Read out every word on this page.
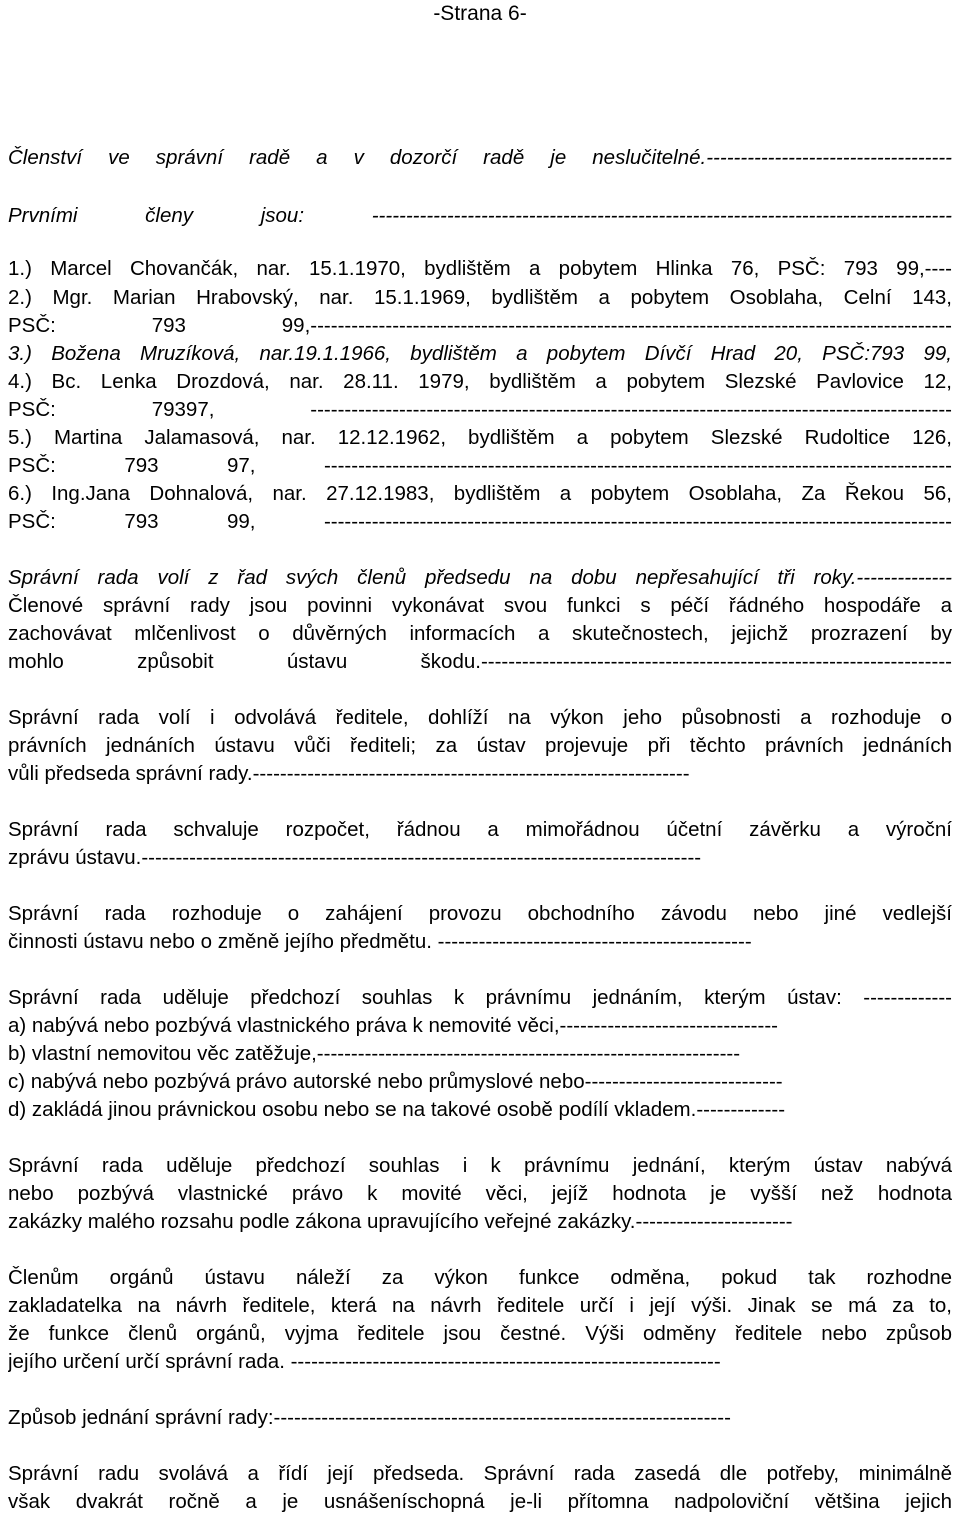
-Strana 6-
Členství ve správní radě a v dozorčí radě je neslučitelné.------------------------------------
Prvními členy jsou: -------------------------------------------------------------------------------------
1.) Marcel Chovančák, nar. 15.1.1970, bydlištěm a pobytem Hlinka 76, PSČ: 793 99,----
2.) Mgr. Marian Hrabovský, nar. 15.1.1969, bydlištěm a pobytem Osoblaha, Celní 143,
PSČ: 793 99,----------------------------------------------------------------------------------------------
3.) Božena Mruzíková, nar.19.1.1966, bydlištěm a pobytem Dívčí Hrad 20, PSČ:793 99,
4.) Bc. Lenka Drozdová, nar. 28.11. 1979, bydlištěm a pobytem Slezské Pavlovice 12,
PSČ: 79397, ----------------------------------------------------------------------------------------------
5.) Martina Jalamasová, nar. 12.12.1962, bydlištěm a pobytem Slezské Rudoltice 126,
PSČ: 793 97, --------------------------------------------------------------------------------------------
6.) Ing.Jana Dohnalová, nar. 27.12.1983, bydlištěm a pobytem Osoblaha, Za Řekou 56,
PSČ: 793 99, --------------------------------------------------------------------------------------------
Správní rada volí z řad svých členů předsedu na dobu nepřesahující tři roky.--------------
Členové správní rady jsou povinni vykonávat svou funkci s péčí řádného hospodáře a
zachovávat mlčenlivost o důvěrných informacích a skutečnostech, jejichž prozrazení by
mohlo způsobit ústavu škodu.---------------------------------------------------------------------
Správní rada volí i odvolává ředitele, dohlíží na výkon jeho působnosti a rozhoduje o
právních jednáních ústavu vůči řediteli; za ústav projevuje při těchto právních jednáních
vůli předseda správní rady.----------------------------------------------------------------
Správní rada schvaluje rozpočet, řádnou a mimořádnou účetní závěrku a výroční
zprávu ústavu.----------------------------------------------------------------------------------
Správní rada rozhoduje o zahájení provozu obchodního závodu nebo jiné vedlejší
činnosti ústavu nebo o změně jejího předmětu. ----------------------------------------------
Správní rada uděluje předchozí souhlas k právnímu jednáním, kterým ústav: -------------
a) nabývá nebo pozbývá vlastnického práva k nemovité věci,--------------------------------
b) vlastní nemovitou věc zatěžuje,--------------------------------------------------------------
c) nabývá nebo pozbývá právo autorské nebo průmyslové nebo-----------------------------
d) zakládá jinou právnickou osobu nebo se na takové osobě podílí vkladem.-------------
Správní rada uděluje předchozí souhlas i k právnímu jednání, kterým ústav nabývá
nebo pozbývá vlastnické právo k movité věci, jejíž hodnota je vyšší než hodnota
zakázky malého rozsahu podle zákona upravujícího veřejné zakázky.-----------------------
Členům orgánů ústavu náleží za výkon funkce odměna, pokud tak rozhodne
zakladatelka na návrh ředitele, která na návrh ředitele určí i její výši. Jinak se má za to,
že funkce členů orgánů, vyjma ředitele jsou čestné. Výši odměny ředitele nebo způsob
jejího určení určí správní rada. ---------------------------------------------------------------
Způsob jednání správní rady:-------------------------------------------------------------------
Správní radu svolává a řídí její předseda. Správní rada zasedá dle potřeby, minimálně
však dvakrát ročně a je usnášeníschopná je-li přítomna nadpoloviční většina jejich
